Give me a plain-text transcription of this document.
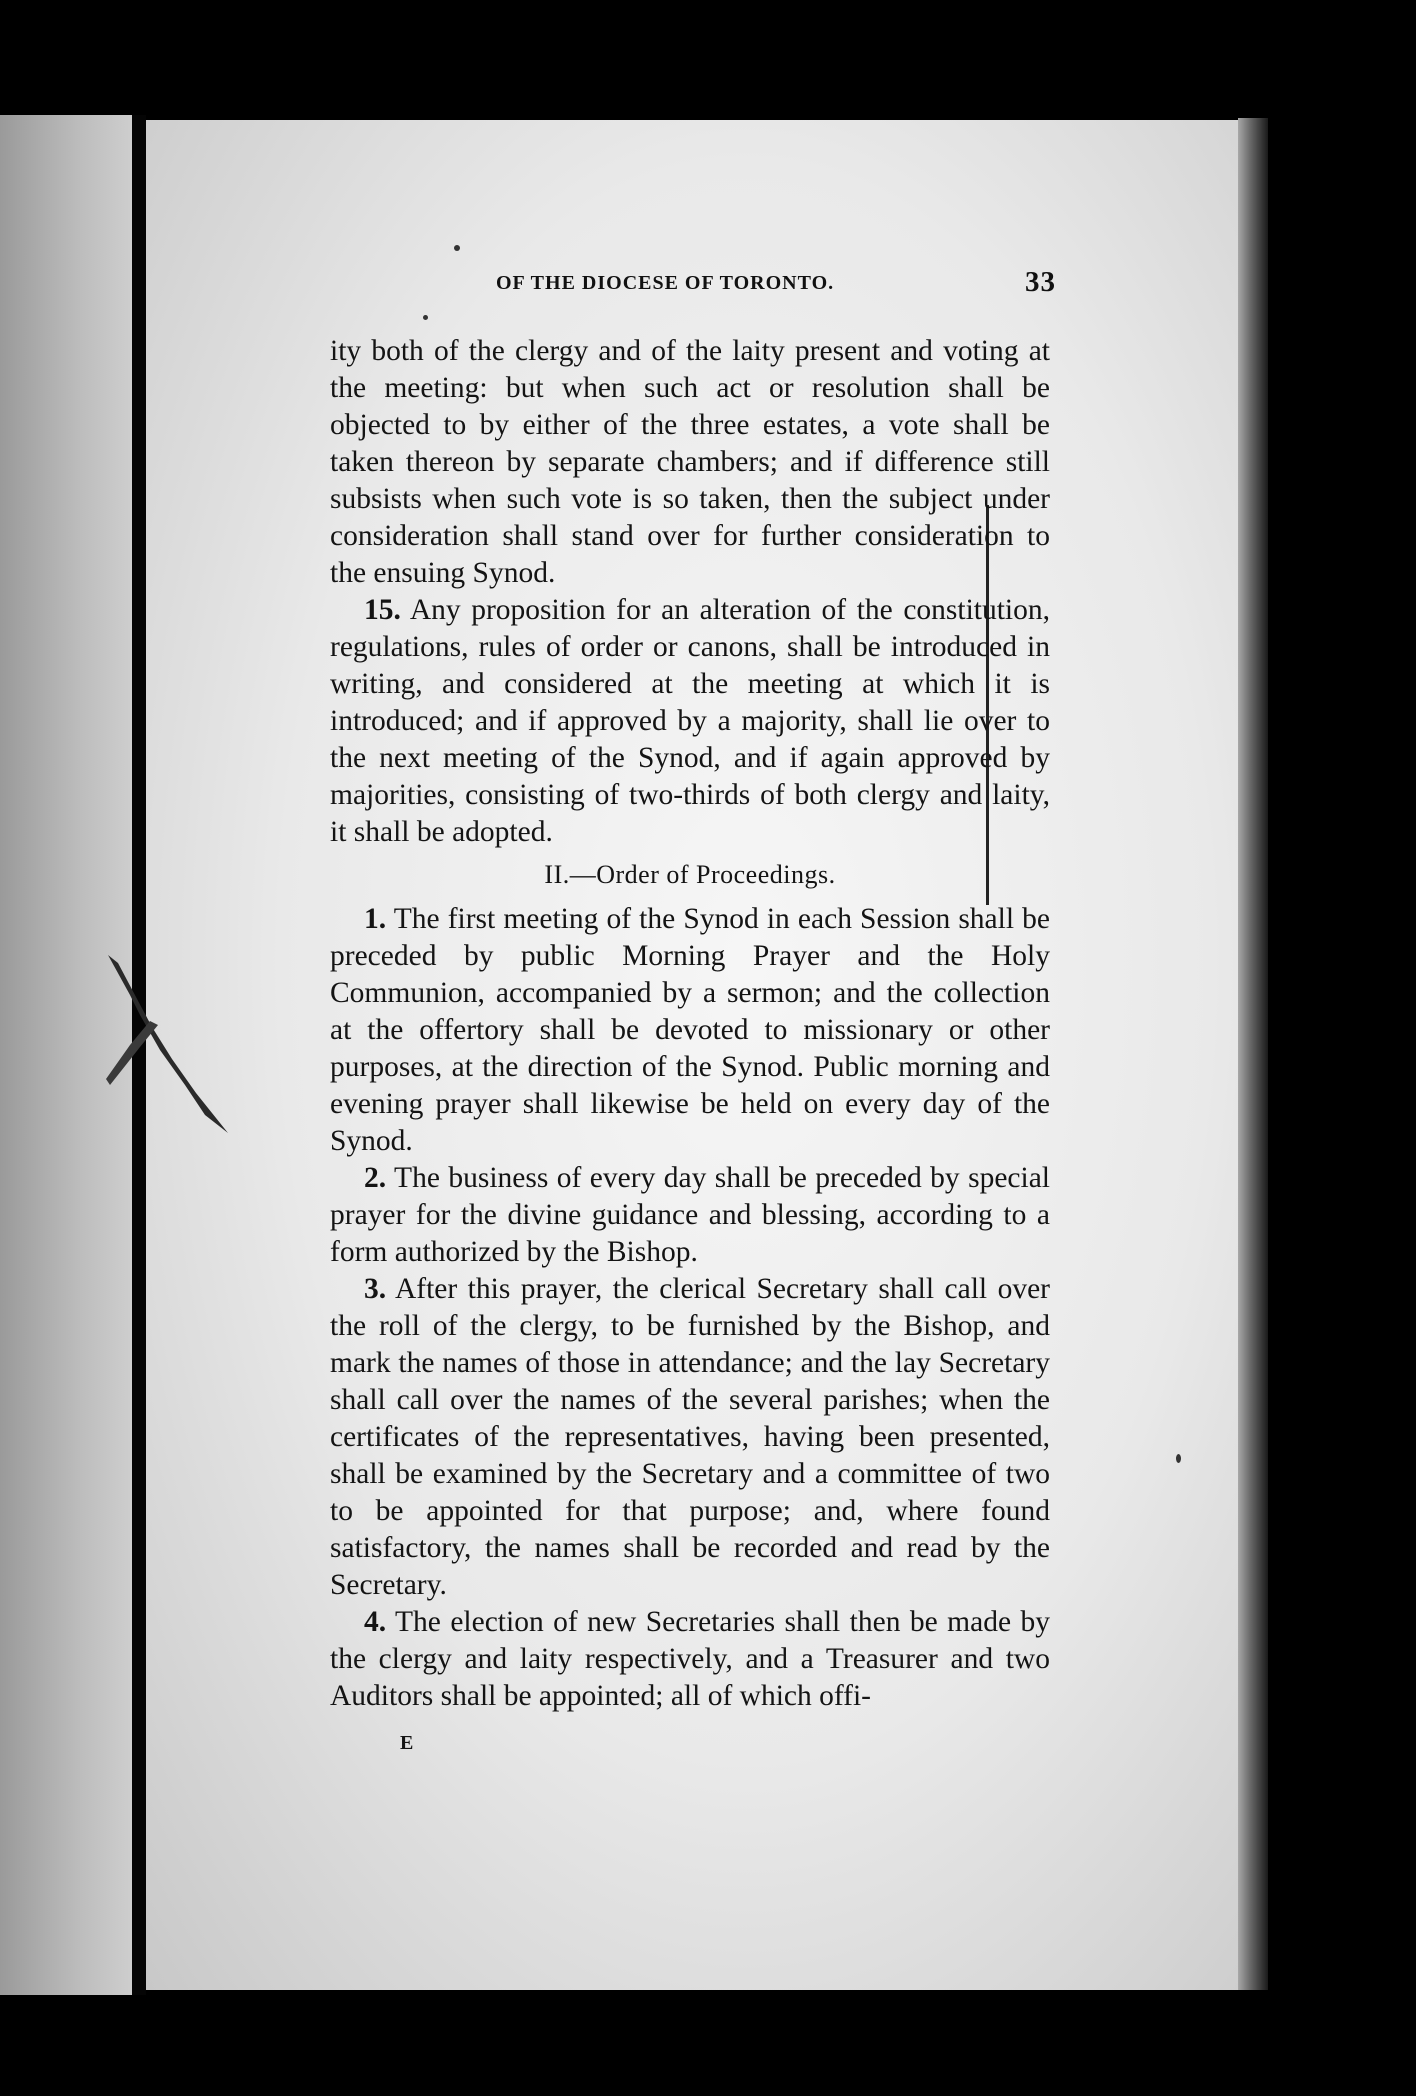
OF THE DIOCESE OF TORONTO.	33

ity both of the clergy and of the laity present and voting at the meeting: but when such act or resolution shall be objected to by either of the three estates, a vote shall be taken thereon by separate chambers; and if difference still subsists when such vote is so taken, then the subject under consideration shall stand over for further consideration to the ensuing Synod.

15. Any proposition for an alteration of the constitution, regulations, rules of order or canons, shall be introduced in writing, and considered at the meeting at which it is introduced; and if approved by a majority, shall lie over to the next meeting of the Synod, and if again approved by majorities, consisting of two-thirds of both clergy and laity, it shall be adopted.

II.—Order of Proceedings.

1. The first meeting of the Synod in each Session shall be preceded by public Morning Prayer and the Holy Communion, accompanied by a sermon; and the collection at the offertory shall be devoted to missionary or other purposes, at the direction of the Synod. Public morning and evening prayer shall likewise be held on every day of the Synod.

2. The business of every day shall be preceded by special prayer for the divine guidance and blessing, according to a form authorized by the Bishop.

3. After this prayer, the clerical Secretary shall call over the roll of the clergy, to be furnished by the Bishop, and mark the names of those in attendance; and the lay Secretary shall call over the names of the several parishes; when the certificates of the representatives, having been presented, shall be examined by the Secretary and a committee of two to be appointed for that purpose; and, where found satisfactory, the names shall be recorded and read by the Secretary.

4. The election of new Secretaries shall then be made by the clergy and laity respectively, and a Treasurer and two Auditors shall be appointed; all of which offi-

E
